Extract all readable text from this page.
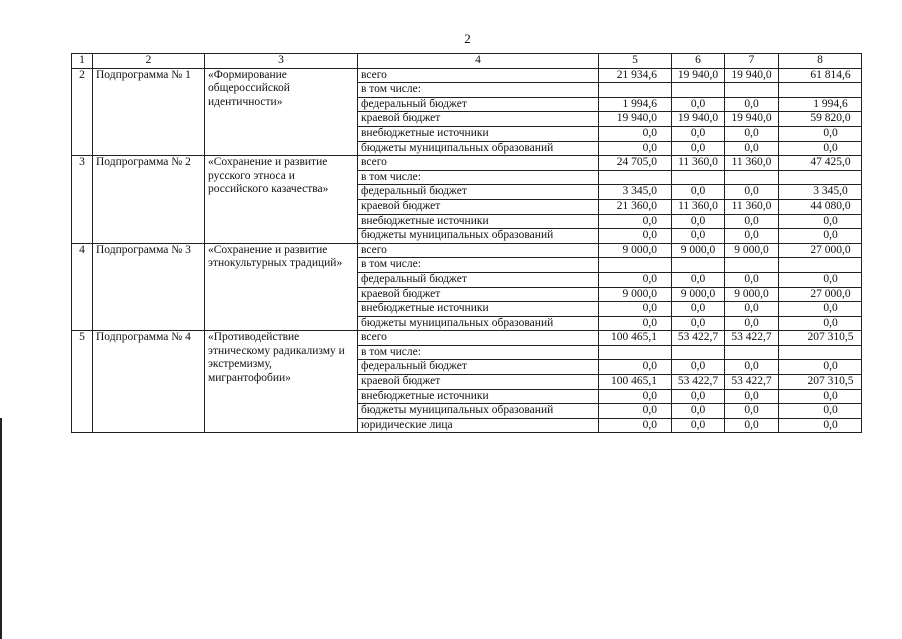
2
1	2	3	4	5	6	7	8
2	Подпрограмма № 1	«Формирование общероссийской идентичности»	всего	21 934,6	19 940,0	19 940,0	61 814,6
			в том числе:				
			федеральный бюджет	1 994,6	0,0	0,0	1 994,6
			краевой бюджет	19 940,0	19 940,0	19 940,0	59 820,0
			внебюджетные источники	0,0	0,0	0,0	0,0
			бюджеты муниципальных образований	0,0	0,0	0,0	0,0
3	Подпрограмма № 2	«Сохранение и развитие русского этноса и российского казачества»	всего	24 705,0	11 360,0	11 360,0	47 425,0
			в том числе:				
			федеральный бюджет	3 345,0	0,0	0,0	3 345,0
			краевой бюджет	21 360,0	11 360,0	11 360,0	44 080,0
			внебюджетные источники	0,0	0,0	0,0	0,0
			бюджеты муниципальных образований	0,0	0,0	0,0	0,0
4	Подпрограмма № 3	«Сохранение и развитие этнокультурных традиций»	всего	9 000,0	9 000,0	9 000,0	27 000,0
			в том числе:				
			федеральный бюджет	0,0	0,0	0,0	0,0
			краевой бюджет	9 000,0	9 000,0	9 000,0	27 000,0
			внебюджетные источники	0,0	0,0	0,0	0,0
			бюджеты муниципальных образований	0,0	0,0	0,0	0,0
5	Подпрограмма № 4	«Противодействие этническому радикализму и экстремизму, мигрантофобии»	всего	100 465,1	53 422,7	53 422,7	207 310,5
			в том числе:				
			федеральный бюджет	0,0	0,0	0,0	0,0
			краевой бюджет	100 465,1	53 422,7	53 422,7	207 310,5
			внебюджетные источники	0,0	0,0	0,0	0,0
			бюджеты муниципальных образований	0,0	0,0	0,0	0,0
			юридические лица	0,0	0,0	0,0	0,0
